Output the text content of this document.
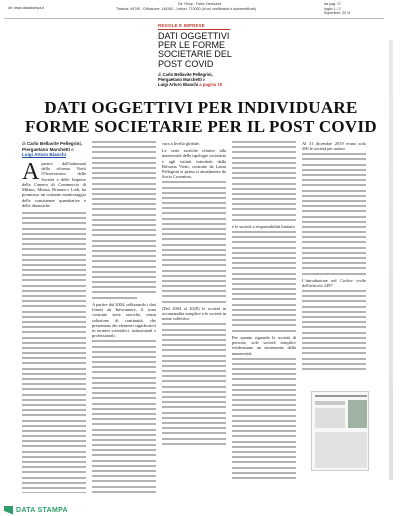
dir: www.datastampa.it	Tiratura: 94790 - Diffusione: 146340 - Lettori: 713000 (di cui certificatori e autocertificati)
Dir. Resp.: Fabio Tamburini	da pag. 17
foglio 1 / 2
Superficie: 23 %
REGOLE E IMPRESE
DATI OGGETTIVI PER LE FORME SOCIETARIE DEL POST COVID
di Carlo Bellavite Pellegrini,
Piergaetano Marchetti e
Luigi Arturo Bianchi a pagina 15
DATI OGGETTIVI PER INDIVIDUARE FORME SOCIETARIE PER IL POST COVID
di Carlo Bellavite Pellegrini,
Piergaetano Marchetti e
Luigi Arturo Bianchi
A partire dall'indomani della riforma Vietti l'Osservatorio delle Società e delle Imprese della Camera di Commercio di Milano, Monza, Brianza e Lodi, ha promosso un costante monitoraggio delle consistenze quantitative e delle dinamiche

A partire dal 2004, utilizzando i dati forniti da Infocamere, il sono costruite serie storiche, senza soluzione di continuità, che presentano dei elementi significativi in termini scientifici, istituzionali e professionali.

cura a livello globale.

Le serie storiche relative alla numerosità delle tipologie societarie e agli istituti introdotti dalla Riforma Vietti, costruite da Laura Pellegrini si pensa si attualmente da Socio Cosentino,

(Dal 2004 al 2020) le società in accomandita semplice e le società in nome collettivo

e le società a responsabilità limitata

Per quanto riguarda le società di persone, sole società semplice evidenziano un incremento della numerosità

Al 31 dicembre 2019 erano solo 200 le società per azioni

L'introduzione nel Codice civile dell'articolo 2497

DATA STAMPA
